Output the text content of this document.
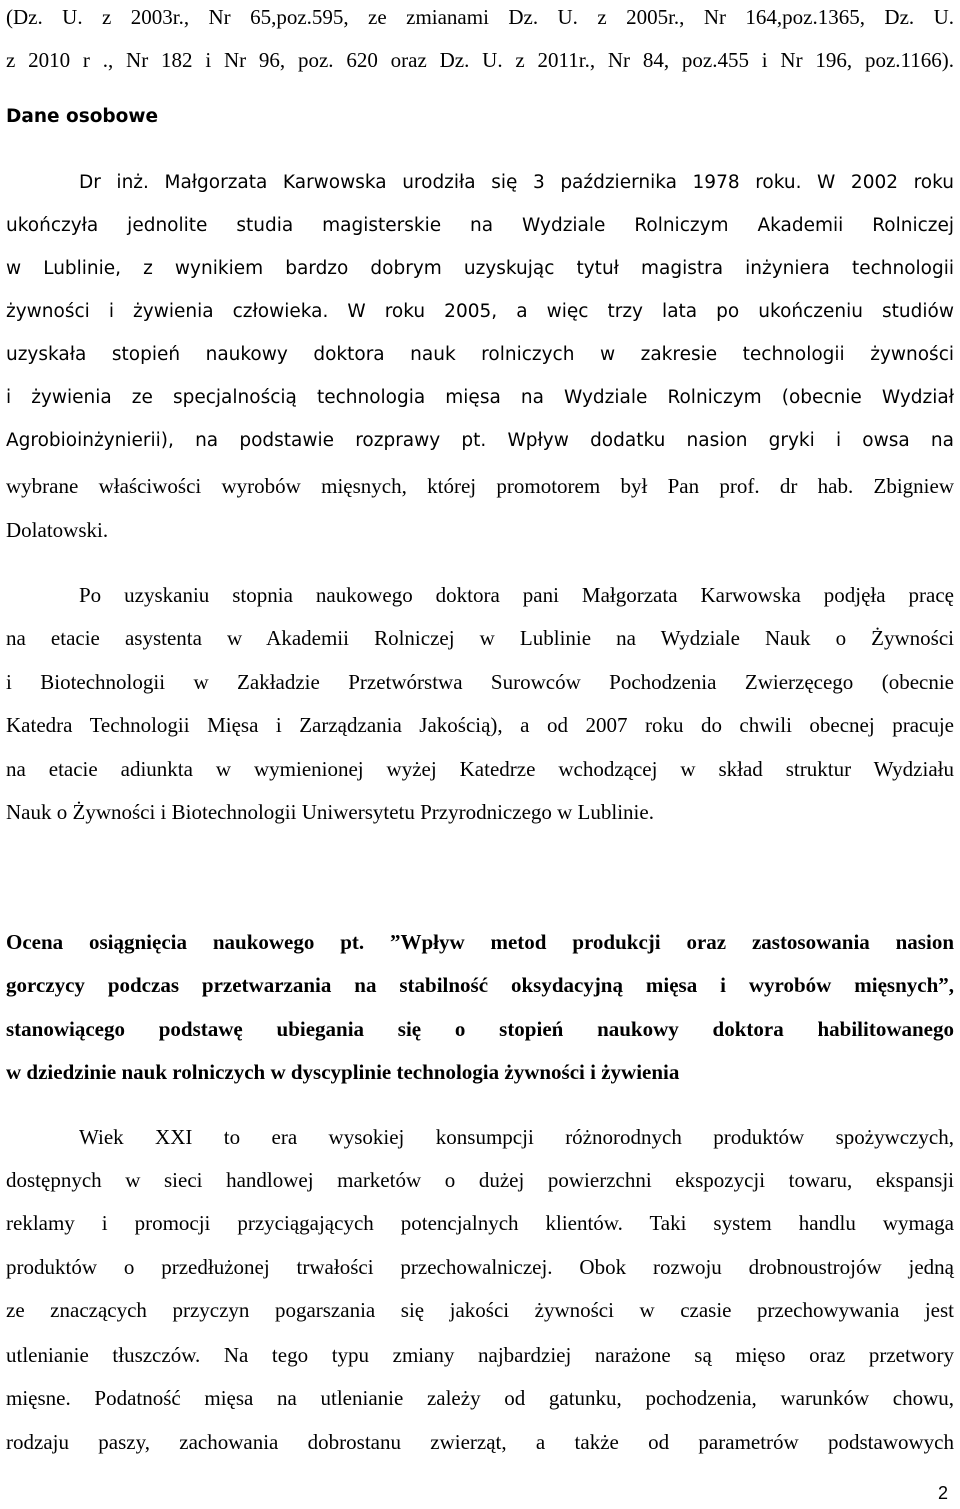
(Dz. U. z 2003r., Nr 65,poz.595, ze zmianami Dz. U. z 2005r., Nr 164,poz.1365, Dz. U.
z 2010 r ., Nr 182 i Nr 96, poz. 620 oraz Dz. U. z 2011r., Nr 84, poz.455 i Nr 196, poz.1166).
Dane osobowe
Dr inż. Małgorzata Karwowska urodziła się 3 października 1978 roku. W 2002 roku
ukończyła jednolite studia magisterskie na Wydziale Rolniczym Akademii Rolniczej
w Lublinie, z wynikiem bardzo dobrym uzyskując tytuł magistra inżyniera technologii
żywności i żywienia człowieka. W roku 2005, a więc trzy lata po ukończeniu studiów
uzyskała stopień naukowy doktora nauk rolniczych w zakresie technologii żywności
i żywienia ze specjalnością technologia mięsa na Wydziale Rolniczym (obecnie Wydział
Agrobioinżynierii), na podstawie rozprawy pt. Wpływ dodatku nasion gryki i owsa na
wybrane właściwości wyrobów mięsnych, której promotorem był Pan prof. dr hab. Zbigniew
Dolatowski.
Po uzyskaniu stopnia naukowego doktora pani Małgorzata Karwowska podjęła pracę
na etacie asystenta w Akademii Rolniczej w Lublinie na Wydziale Nauk o Żywności
i Biotechnologii w Zakładzie Przetwórstwa Surowców Pochodzenia Zwierzęcego (obecnie
Katedra Technologii Mięsa i Zarządzania Jakością), a od 2007 roku do chwili obecnej pracuje
na etacie adiunkta w wymienionej wyżej Katedrze wchodzącej w skład struktur Wydziału
Nauk o Żywności i Biotechnologii Uniwersytetu Przyrodniczego w Lublinie.
Ocena osiągnięcia naukowego pt. ”Wpływ metod produkcji oraz zastosowania nasion
gorczycy podczas przetwarzania na stabilność oksydacyjną mięsa i wyrobów mięsnych”,
stanowiącego podstawę ubiegania się o stopień naukowy doktora habilitowanego
w dziedzinie nauk rolniczych w dyscyplinie technologia żywności i żywienia
Wiek XXI to era wysokiej konsumpcji różnorodnych produktów spożywczych,
dostępnych w sieci handlowej marketów o dużej powierzchni ekspozycji towaru, ekspansji
reklamy i promocji przyciągających potencjalnych klientów. Taki system handlu wymaga
produktów o przedłużonej trwałości przechowalniczej. Obok rozwoju drobnoustrojów jedną
ze znaczących przyczyn pogarszania się jakości żywności w czasie przechowywania jest
utlenianie tłuszczów. Na tego typu zmiany najbardziej narażone są mięso oraz przetwory
mięsne. Podatność mięsa na utlenianie zależy od gatunku, pochodzenia, warunków chowu,
rodzaju paszy, zachowania dobrostanu zwierząt, a także od parametrów podstawowych
2
